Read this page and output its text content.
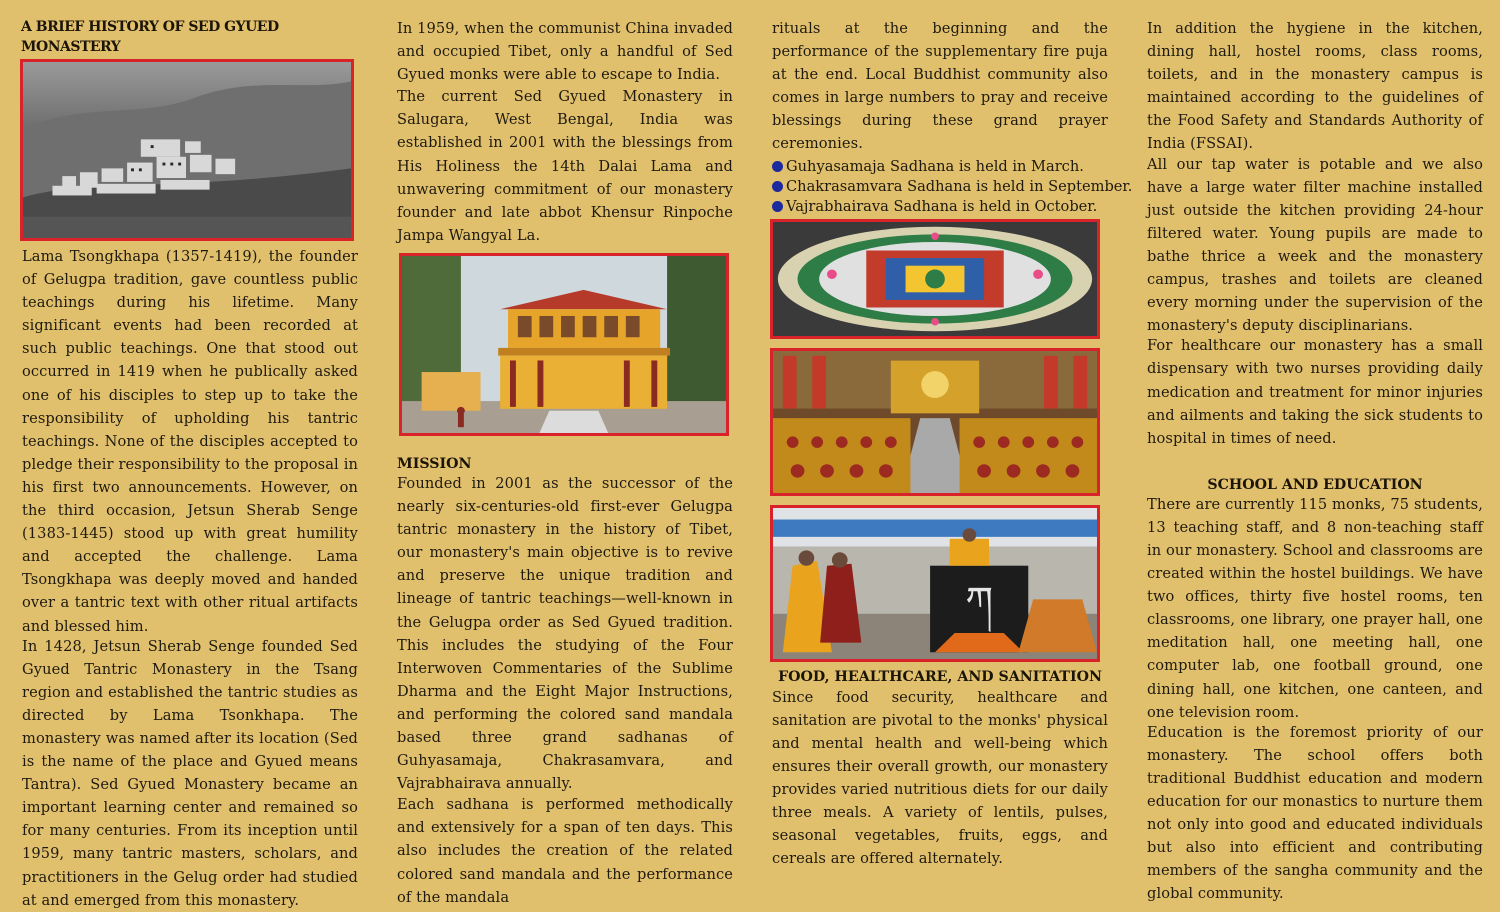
A BRIEF HISTORY OF SED GYUED MONASTERY

Lama Tsongkhapa (1357-1419), the founder of Gelugpa tradition, gave countless public teachings during his lifetime. Many significant events had been recorded at such public teachings. One that stood out occurred in 1419 when he publically asked one of his disciples to step up to take the responsibility of upholding his tantric teachings. None of the disciples accepted to pledge their responsibility to the proposal in his first two announcements. However, on the third occasion, Jetsun Sherab Senge (1383-1445) stood up with great humility and accepted the challenge. Lama Tsongkhapa was deeply moved and handed over a tantric text with other ritual artifacts and blessed him.

In 1428, Jetsun Sherab Senge founded Sed Gyued Tantric Monastery in the Tsang region and established the tantric studies as directed by Lama Tsonkhapa. The monastery was named after its location (Sed is the name of the place and Gyued means Tantra). Sed Gyued Monastery became an important learning center and remained so for many centuries. From its inception until 1959, many tantric masters, scholars, and practitioners in the Gelug order had studied at and emerged from this monastery.

In 1959, when the communist China invaded and occupied Tibet, only a handful of Sed Gyued monks were able to escape to India.

The current Sed Gyued Monastery in Salugara, West Bengal, India was established in 2001 with the blessings from His Holiness the 14th Dalai Lama and unwavering commitment of our monastery founder and late abbot Khensur Rinpoche Jampa Wangyal La.

MISSION

Founded in 2001 as the successor of the nearly six-centuries-old first-ever Gelugpa tantric monastery in the history of Tibet, our monastery's main objective is to revive and preserve the unique tradition and lineage of tantric teachings—well-known in the Gelugpa order as Sed Gyued tradition. This includes the studying of the Four Interwoven Commentaries of the Sublime Dharma and the Eight Major Instructions, and performing the colored sand mandala based three grand sadhanas of Guhyasamaja, Chakrasamvara, and Vajrabhairava annually.

Each sadhana is performed methodically and extensively for a span of ten days. This also includes the creation of the related colored sand mandala and the performance of the mandala

rituals at the beginning and the performance of the supplementary fire puja at the end. Local Buddhist community also comes in large numbers to pray and receive blessings during these grand prayer ceremonies.

Guhyasamaja Sadhana is held in March.
Chakrasamvara Sadhana is held in September.
Vajrabhairava Sadhana is held in October.
ཀ
FOOD, HEALTHCARE, AND SANITATION

Since food security, healthcare and sanitation are pivotal to the monks' physical and mental health and well-being which ensures their overall growth, our monastery provides varied nutritious diets for our daily three meals. A variety of lentils, pulses, seasonal vegetables, fruits, eggs, and cereals are offered alternately.

In addition the hygiene in the kitchen, dining hall, hostel rooms, class rooms, toilets, and in the monastery campus is maintained according to the guidelines of the Food Safety and Standards Authority of India (FSSAI).

All our tap water is potable and we also have a large water filter machine installed just outside the kitchen providing 24-hour filtered water. Young pupils are made to bathe thrice a week and the monastery campus, trashes and toilets are cleaned every morning under the supervision of the monastery's deputy disciplinarians.

For healthcare our monastery has a small dispensary with two nurses providing daily medication and treatment for minor injuries and ailments and taking the sick students to hospital in times of need.

SCHOOL AND EDUCATION

There are currently 115 monks, 75 students, 13 teaching staff, and 8 non-teaching staff in our monastery. School and classrooms are created within the hostel buildings. We have two offices, thirty five hostel rooms, ten classrooms, one library, one prayer hall, one meditation hall, one meeting hall, one computer lab, one football ground, one dining hall, one kitchen, one canteen, and one television room.

Education is the foremost priority of our monastery. The school offers both traditional Buddhist education and modern education for our monastics to nurture them not only into good and educated individuals but also into efficient and contributing members of the sangha community and the global community.
